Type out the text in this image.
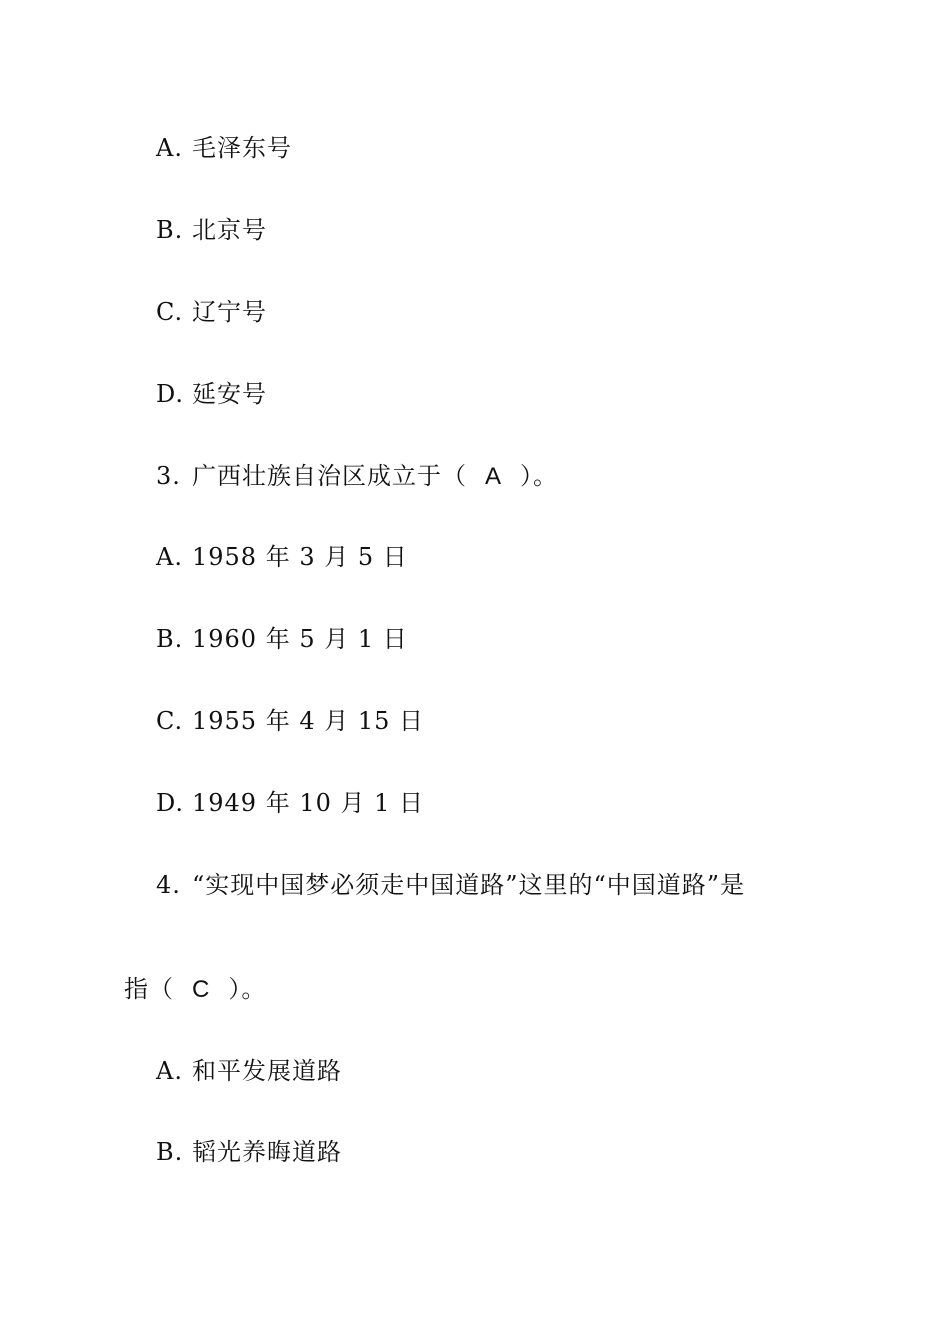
A. 毛泽东号
B. 北京号
C. 辽宁号
D. 延安号
3. 广西壮族自治区成立于（ A ）。
A. 1958 年 3 月 5 日
B. 1960 年 5 月 1 日
C. 1955 年 4 月 15 日
D. 1949 年 10 月 1 日
4. “实现中国梦必须走中国道路”这里的“中国道路”是
指（ C ）。
A. 和平发展道路
B. 韬光养晦道路
